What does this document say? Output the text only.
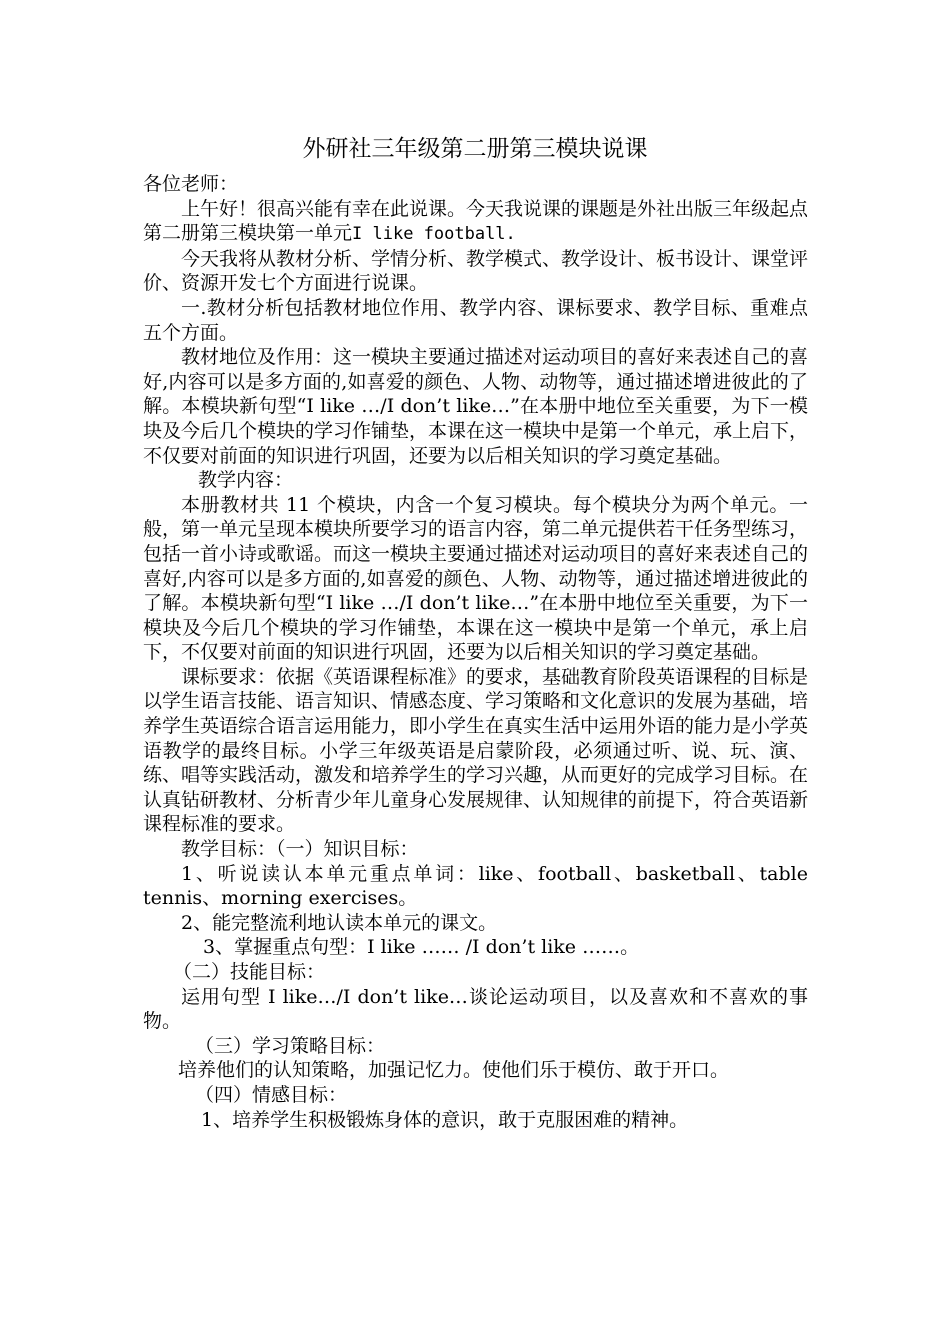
外研社三年级第二册第三模块说课

各位老师：

上午好！很高兴能有幸在此说课。今天我说课的课题是外社出版三年级起点第二册第三模块第一单元I like football.

今天我将从教材分析、学情分析、教学模式、教学设计、板书设计、课堂评价、资源开发七个方面进行说课。

一.教材分析包括教材地位作用、教学内容、课标要求、教学目标、重难点五个方面。

教材地位及作用：这一模块主要通过描述对运动项目的喜好来表述自己的喜好,内容可以是多方面的,如喜爱的颜色、人物、动物等，通过描述增进彼此的了解。本模块新句型“I like …/I don’t like…”在本册中地位至关重要，为下一模块及今后几个模块的学习作铺垫，本课在这一模块中是第一个单元，承上启下，不仅要对前面的知识进行巩固，还要为以后相关知识的学习奠定基础。

教学内容：

本册教材共 11 个模块，内含一个复习模块。每个模块分为两个单元。一般，第一单元呈现本模块所要学习的语言内容，第二单元提供若干任务型练习，包括一首小诗或歌谣。而这一模块主要通过描述对运动项目的喜好来表述自己的喜好,内容可以是多方面的,如喜爱的颜色、人物、动物等，通过描述增进彼此的了解。本模块新句型“I like …/I don’t like…”在本册中地位至关重要，为下一模块及今后几个模块的学习作铺垫，本课在这一模块中是第一个单元，承上启下，不仅要对前面的知识进行巩固，还要为以后相关知识的学习奠定基础。

课标要求：依据《英语课程标准》的要求，基础教育阶段英语课程的目标是以学生语言技能、语言知识、情感态度、学习策略和文化意识的发展为基础，培养学生英语综合语言运用能力，即小学生在真实生活中运用外语的能力是小学英语教学的最终目标。小学三年级英语是启蒙阶段，必须通过听、说、玩、演、练、唱等实践活动，激发和培养学生的学习兴趣，从而更好的完成学习目标。在认真钻研教材、分析青少年儿童身心发展规律、认知规律的前提下，符合英语新课程标准的要求。

教学目标：（一）知识目标：

1、听说读认本单元重点单词：like、football、basketball、table tennis、morning exercises。

2、能完整流利地认读本单元的课文。

3、掌握重点句型：I like …… /I don’t like ……。

（二）技能目标：

运用句型 I like…/I don’t like…谈论运动项目，以及喜欢和不喜欢的事物。

（三）学习策略目标：

培养他们的认知策略，加强记忆力。使他们乐于模仿、敢于开口。

（四）情感目标：

1、培养学生积极锻炼身体的意识，敢于克服困难的精神。
